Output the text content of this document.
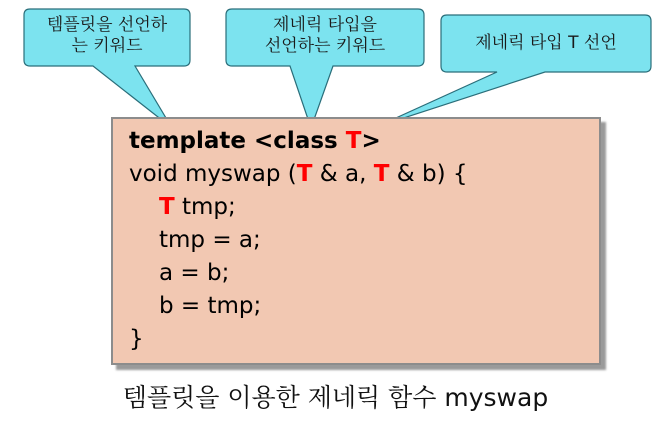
템플릿을 선언하
는 키워드
제네릭 타입을
선언하는 키워드	제네릭 타입 T 선언
template <class T>
void myswap (T & a, T & b) {
T tmp;
tmp = a;
a = b;
b = tmp;
}
템플릿을 이용한 제네릭 함수 myswap
